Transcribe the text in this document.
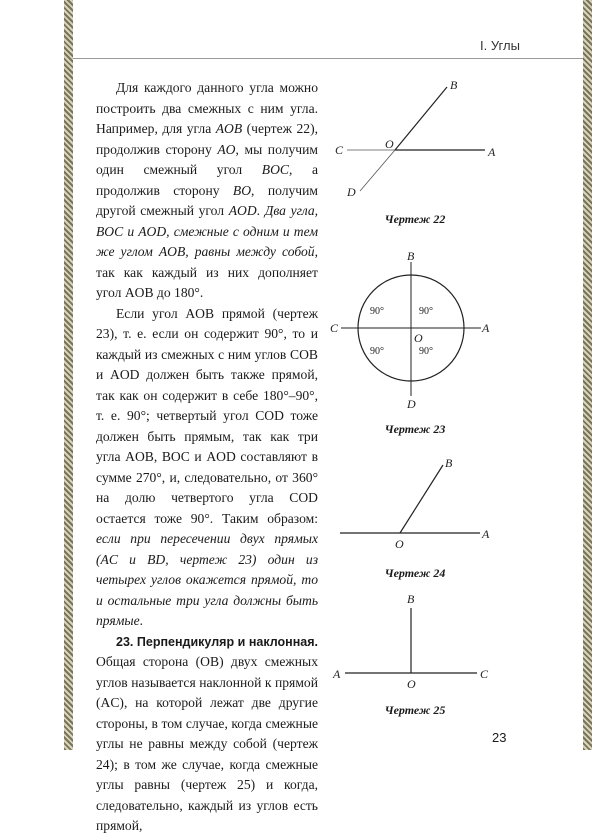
I. Углы

Для каждого данного угла можно построить два смежных с ним угла. Например, для угла AOB (чертеж 22), продолжив сторону AO, мы получим один смежный угол BOC, а продолжив сторону BO, получим другой смежный угол AOD. Два угла, BOC и AOD, смежные с одним и тем же углом AOB, равны между собой, так как каждый из них дополняет угол AOB до 180°.

Если угол AOB прямой (чертеж 23), т. е. если он содержит 90°, то и каждый из смежных с ним углов COB и AOD должен быть также прямой, так как он содержит в себе 180°–90°, т. е. 90°; четвертый угол COD тоже должен быть прямым, так как три угла AOB, BOC и AOD составляют в сумме 270°, и, следовательно, от 360° на долю четвертого угла COD остается тоже 90°. Таким образом: если при пересечении двух прямых (AC и BD, чертеж 23) один из четырех углов окажется прямой, то и остальные три угла должны быть прямые.

23. Перпендикуляр и наклонная. Общая сторона (OB) двух смежных углов называется наклонной к прямой (AC), на которой лежат две другие стороны, в том случае, когда смежные углы не равны между собой (чертеж 24); в том же случае, когда смежные углы равны (чертеж 25) и когда, следовательно, каждый из углов есть прямой,

B
C	O
A
D
Чертеж 22
B
C
O
A
D
90°	90°
90°	90°
Чертеж 23
B
O
A
Чертеж 24
B
A
O
C
Чертеж 25
23
